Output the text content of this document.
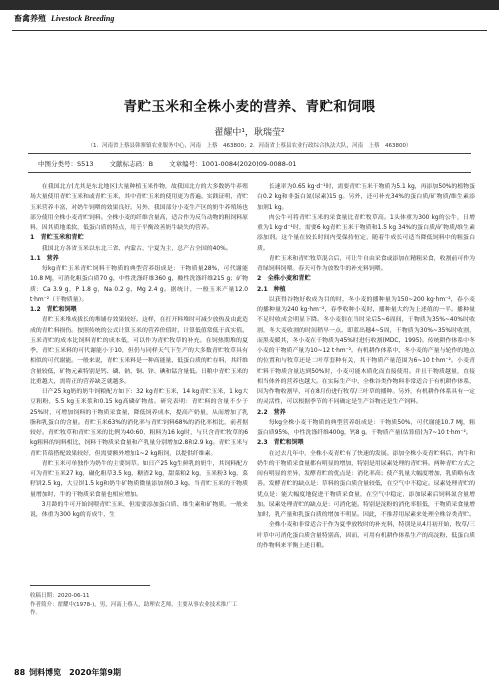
畜禽养殖 Livestock Breeding
青贮玉米和全株小麦的营养、青贮和饲喂
翟耀中¹，耿瑞莹²
（1．河南省上蔡县韩寨镇农业服务中心，河南　上蔡　463800；2．河南省上蔡县农业行政综合执法大队，河南　上蔡　463800）
中图分类号：S513 文献标志码：B 文章编号：1001-0084(2020)09-0088-01

在我国北方(尤其是东北地区)大量种植玉米作物，故我国北方的大多数奶牛养殖场大量使用青贮玉米和或青贮玉米，其中青贮玉米的使用更为普遍。实践证明，青贮玉米营养丰富，对奶牛饲喂的效果良好。另外，我国部分小麦生产区的奶牛养殖场也部分使用全株小麦青贮饲料。全株小麦的纤维含量高，适合作为反刍动物的粗饲料原料，因其质地柔软，低蛋白质的特点，用于平衡改善奶牛缺失的营养。

1　青贮玉米和青贮

我国北方各省玉米以东北三省、内蒙古、宁夏为主，总产占全国的40%。

1.1　营养

每kg青贮玉米青贮饲料干物质的典型营养组成是：干物质量28%，可代谢能10.8 MJ，可消化粗蛋白质70 g，中性洗涤纤维360 g，酸性洗涤纤维215 g；矿物质：Ca 3.9 g，P 1.8 g，Na 0.2 g，Mg 2.4 g。据统计，一般玉米产量12.0 t·hm⁻²（干物质量）。

1.2　青贮和饲喂

青贮玉米堆成拔长的堆铺存效果较好。这样，在打开料堆时可减少放热及由此造成的青贮料损伤。按照传统的公式计算玉米的营养价值时，计算低值常低于真实值。玉米青贮的成本比饲料青贮的成本低，可以作为青贮牧草的补充。在饲热期堆的夏季，青贮玉米料的可代谢能小于10，但仍与同样天气下生产的大多数青贮牧草具有相似的可代谢能。一般来说，青贮玉米料是一种高能量、低蛋白质的贮存料，其纤维含量较低，矿物元素特别是钙、磷、钠、铜、锌、碘和锰含量低。日粮中青贮玉米的比重越大，需将正的营养缺乏就越多。

日产25 kg奶的奶牛饲粮配方如下：32 kg青贮玉米，14 kg青贮玉米，1 kg大豆粗粉，5.5 kg玉米浆和0.15 kg高磷矿物盐。研究表明：青贮料的含量不少于25%时，可增加饲料的干物质采食量，降低饲养成本，提高产奶量，从而增加了乳脂和乳蛋白的含量。青贮玉米63%的消化率与青贮饲料68%的消化率相比，前者据较好。青贮牧草和青贮玉米的比例为40:60，粗料为16 kg时，与只含青贮牧草的6 kg粗料的饲料相比，饲料干物质采食量和产乳量分别增加2.8和2.9 kg。青贮玉米与青贮苜蓿搭配效果较好，但需要额外增加1~2 kg粗饲，以提供纤维素。

青贮玉米可单独作为奶牛的主要饲草。如日产25 kg生鲜乳的奶牛，其饲料配方可为青贮玉米27 kg，碾化粗草3.5 kg，糖渣2 kg，甜菜粕2 kg，玉米粉3 kg，菜籽饼2.5 kg，大豆饼1.5 kg和奶牛矿物质微量添加剂0.3 kg。当青贮玉米的干物质量增加时，牛的干物质采食量也相应增加。

3月龄的牛可开始饲喂青贮玉米，但需要添加蛋白质、维生素和矿物质。一般来说，体重为300 kg的育成牛，生

长速率为0.65 kg·d⁻¹时，需要青贮玉米干物质为5.1 kg，再添加50%的植物蛋白0.2 kg和非蛋白氮(尿素)15 g。另外，还可补充34%的蛋白质/矿物质/维生素添加剂1 kg。

肉公牛可将青贮玉米的采食量比青贮牧草高。1头体重为300 kg的公牛，日增重为1 kg·d⁻¹时，需要6 kg青贮玉米干物质和1.5 kg 34%的蛋白质/矿物质/维生素添加剂。这个量在较长时间内受保持恒定，随着牛成长可适当降低饲料中的粗蛋白质。

青贮玉米和青贮牧草混合后，可让牛自由采食或添加在精粗采食，收割前可作为青绿饲料饲喂。春天可作为放牧牛的补充料饲喂。

2　全株小麦和青贮
2.1　种植

以获得谷物好收成为目的时，冬小麦的播种量为150~200 kg·hm⁻²，春小麦的播种量为240 kg·hm⁻²，春季收种小麦时，播种量大约为上述值的一半。播种量不足时收成会明显下降。冬小麦很在当时采后5~6周间，干物质为35%~40%时收割，冬大麦收割的时间稍早一点，即蓝出穗4~5周，干物质为30%~35%时收割，而黑麦暖其，冬小麦在干物质为45%时进行收割(MDC，1995)。传统耕作体系中冬小麦的干物质产量为10~12 t·hm⁻²。有机耕作体系中，冬小麦的产量与轮作的地点的位置和与牧草还是二叶草套种有关，其干物质产量范围为6~10 t·hm⁻²。小麦青贮料干物质含量达到50%时，小麦可能木质化而直接使用。并且干物质越量，直接相当体外的营养也越大。在实际生产中，全株谷类作物料非常适合于有机耕作体系，因为作物收割早，可在8月份进行牧草/三叶草的播种。另外，有机耕作体系具有一定的灵活性，可以根据季节的不同确定是生产谷物还是生产饲料。

2.2　营养

每kg全株小麦干物质的典型营养组成是：干物质50%，可代谢能10.7 MJ，粗蛋白质95%，中性洗涤纤维400g，钙8 g。干物质产量(估算值)为7~10 t·hm⁻²。

2.3　青贮和饲喂

在过去几年中，全株小麦青贮有了快速的发展。添加全株小麦青贮料后，肉牛和奶牛的干物质采食量都有明显的增加，特别是用尿素处理的青贮料。两种青贮方式之间有明显的差异，发酵青贮的优点是：消化率高；使产乳量大幅度增加，乳质略有改善。发酵青贮的缺点是：草料的蛋白质含量较低，在空气中不稳定。尿素处理青贮的优点是：能大幅度地促进干物质采食量，在空气中稳定，添加尿素后饲料氮含量增加。尿素处理青贮的缺点是：可消化能。特别是淀粉的消化率很低，干物质采食量增加时，乳产量和乳蛋白质的增加不明显。因此，不推荐用尿素来处理全株谷类青贮。

全株小麦和非常适合于作为夏季放牧时的补充料，特别是从4月初开始，牧草/三叶草中可消化蛋白质含量特别高，因而，可用有机耕作体系生产的高淀粉、低蛋白质的作物料来平衡上述日粮。

收稿日期：2020-06-11

作者简介：翟耀中(1978-)，男，河南上蔡人，助理农艺师，主要从事农业技术推广工作。

88 饲料博览　2020年第9期
